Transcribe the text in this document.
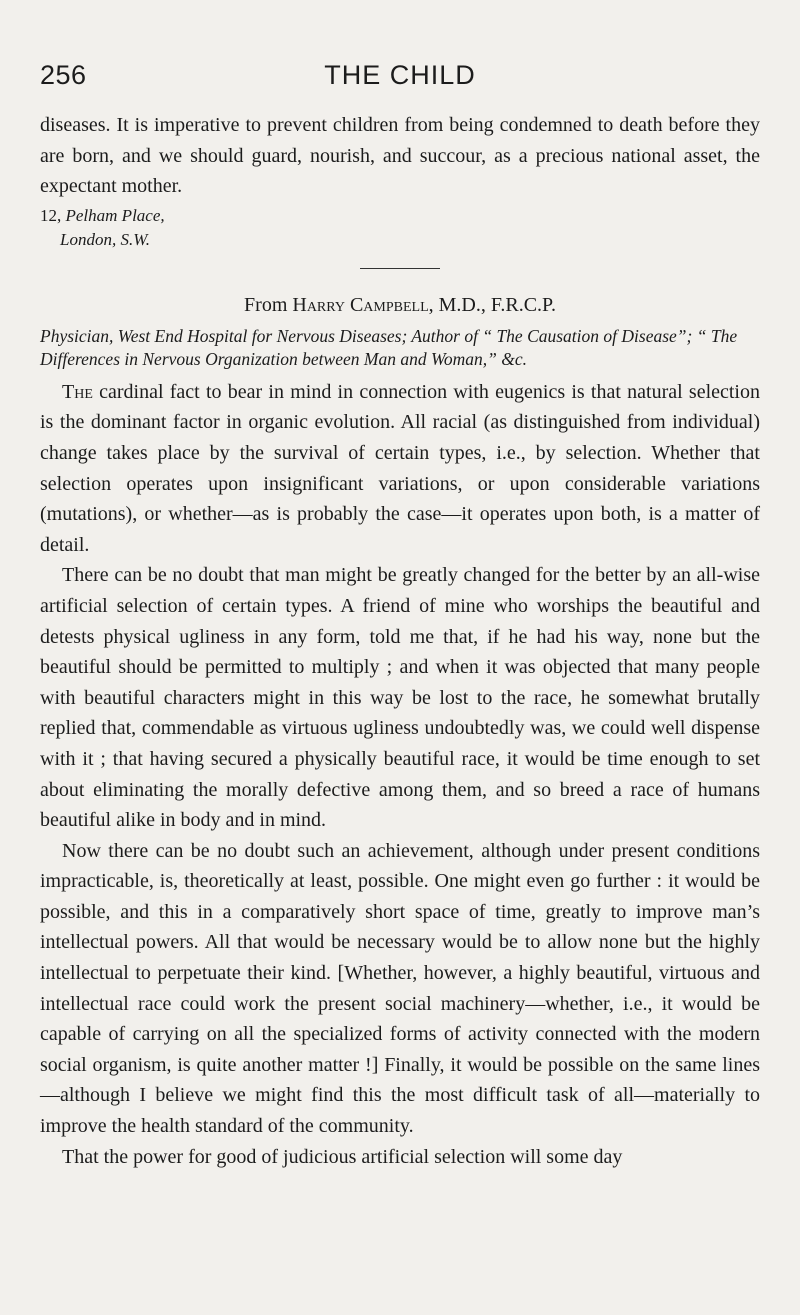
THE CHILD
256

diseases. It is imperative to prevent children from being condemned to death before they are born, and we should guard, nourish, and succour, as a precious national asset, the expectant mother.

12, Pelham Place,
London, S.W.
From Harry Campbell, M.D., F.R.C.P.
Physician, West End Hospital for Nervous Diseases; Author of “ The Causation of Disease”; “ The Differences in Nervous Organization between Man and Woman,” &c.

The cardinal fact to bear in mind in connection with eugenics is that natural selection is the dominant factor in organic evolution. All racial (as distinguished from individual) change takes place by the survival of certain types, i.e., by selection. Whether that selection operates upon insignificant variations, or upon considerable variations (mutations), or whether—as is probably the case—it operates upon both, is a matter of detail.

There can be no doubt that man might be greatly changed for the better by an all-wise artificial selection of certain types. A friend of mine who worships the beautiful and detests physical ugliness in any form, told me that, if he had his way, none but the beautiful should be permitted to multiply ; and when it was objected that many people with beautiful characters might in this way be lost to the race, he somewhat brutally replied that, commendable as virtuous ugliness undoubtedly was, we could well dispense with it ; that having secured a physically beautiful race, it would be time enough to set about eliminating the morally defective among them, and so breed a race of humans beautiful alike in body and in mind.

Now there can be no doubt such an achievement, although under present conditions impracticable, is, theoretically at least, possible. One might even go further : it would be possible, and this in a comparatively short space of time, greatly to improve man’s intellectual powers. All that would be necessary would be to allow none but the highly intellectual to perpetuate their kind. [Whether, however, a highly beautiful, virtuous and intellectual race could work the present social machinery—whether, i.e., it would be capable of carrying on all the specialized forms of activity connected with the modern social organism, is quite another matter !] Finally, it would be possible on the same lines—although I believe we might find this the most difficult task of all—materially to improve the health standard of the community.

That the power for good of judicious artificial selection will some day
